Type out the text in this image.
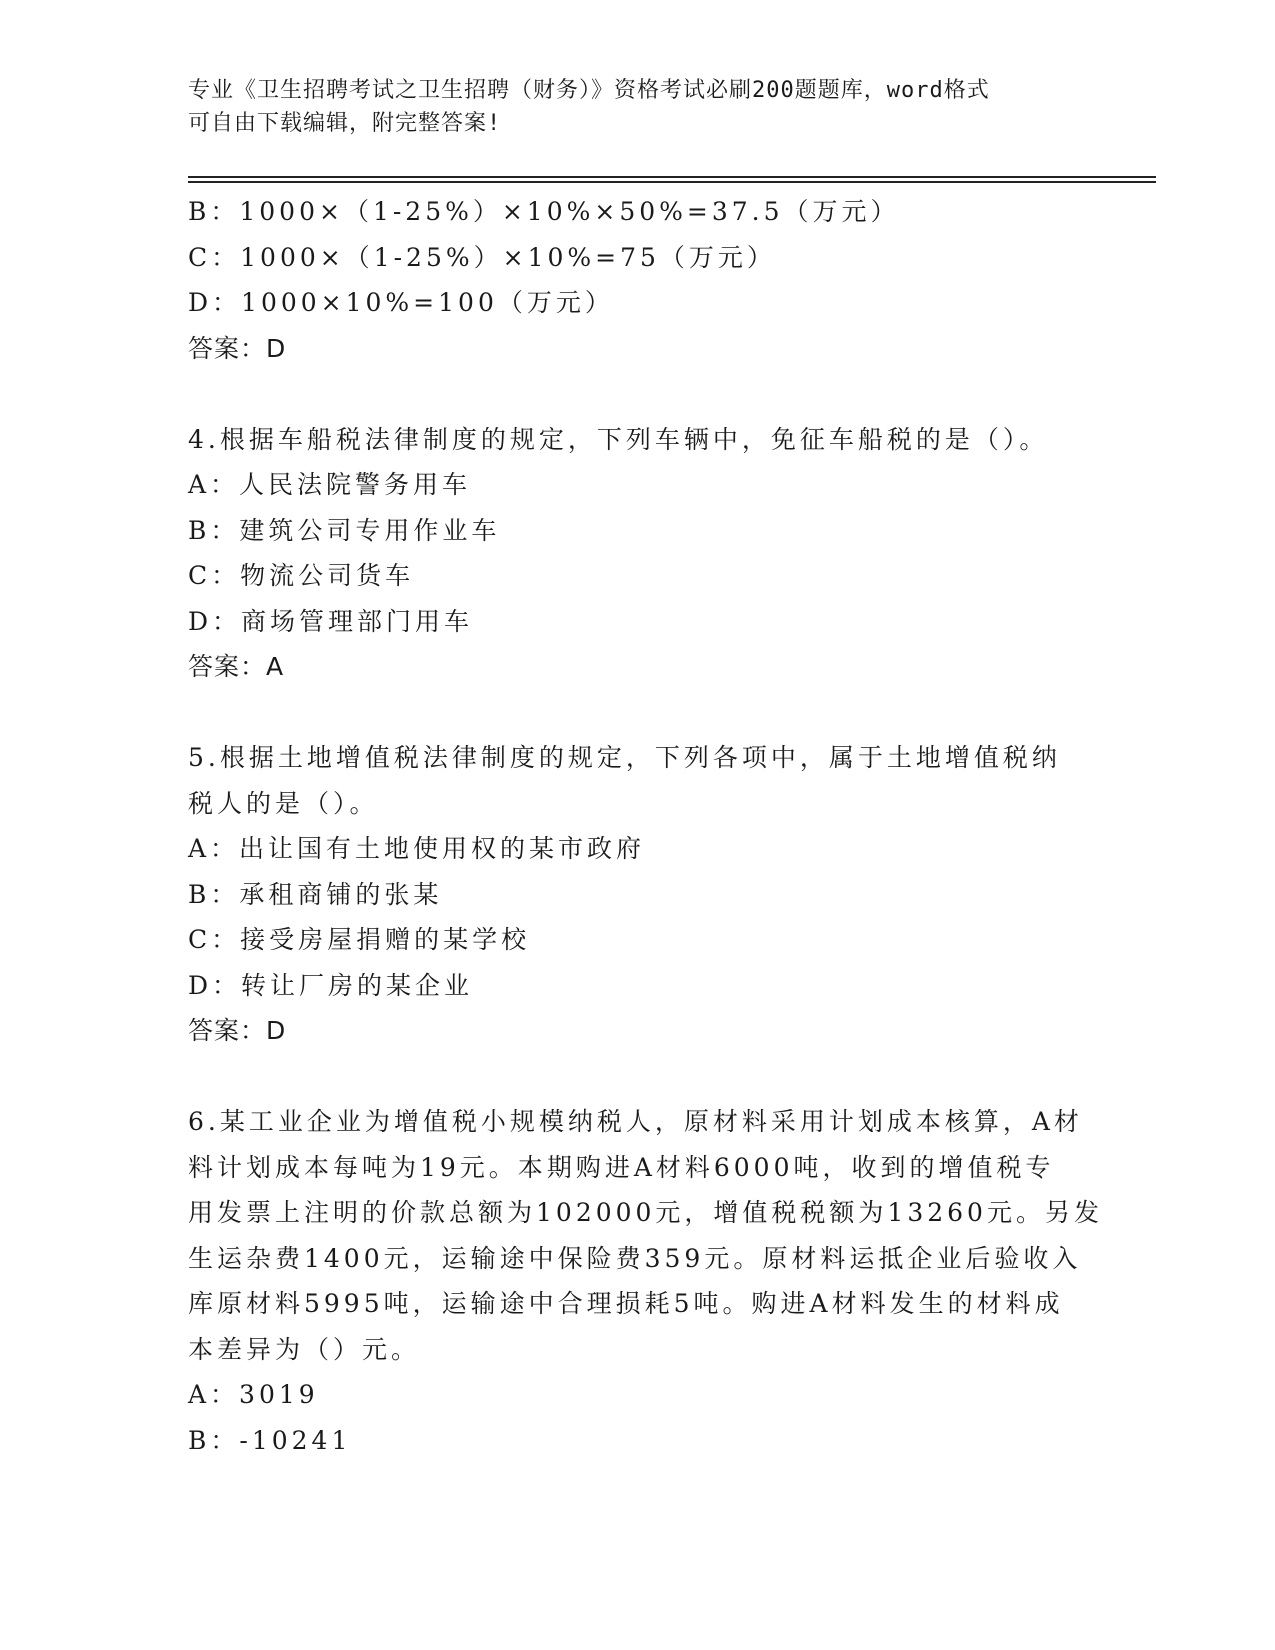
专业《卫生招聘考试之卫生招聘（财务）》资格考试必刷200题题库，word格式
可自由下载编辑，附完整答案!
B：1000×（1-25%）×10%×50%=37.5（万元）
C：1000×（1-25%）×10%=75（万元）
D：1000×10%=100（万元）
答案：D
4.根据车船税法律制度的规定，下列车辆中，免征车船税的是（）。
A：人民法院警务用车
B：建筑公司专用作业车
C：物流公司货车
D：商场管理部门用车
答案：A
5.根据土地增值税法律制度的规定，下列各项中，属于土地增值税纳
税人的是（）。
A：出让国有土地使用权的某市政府
B：承租商铺的张某
C：接受房屋捐赠的某学校
D：转让厂房的某企业
答案：D
6.某工业企业为增值税小规模纳税人，原材料采用计划成本核算，A材
料计划成本每吨为19元。本期购进A材料6000吨，收到的增值税专
用发票上注明的价款总额为102000元，增值税税额为13260元。另发
生运杂费1400元，运输途中保险费359元。原材料运抵企业后验收入
库原材料5995吨，运输途中合理损耗5吨。购进A材料发生的材料成
本差异为（）元。
A：3019
B：-10241
